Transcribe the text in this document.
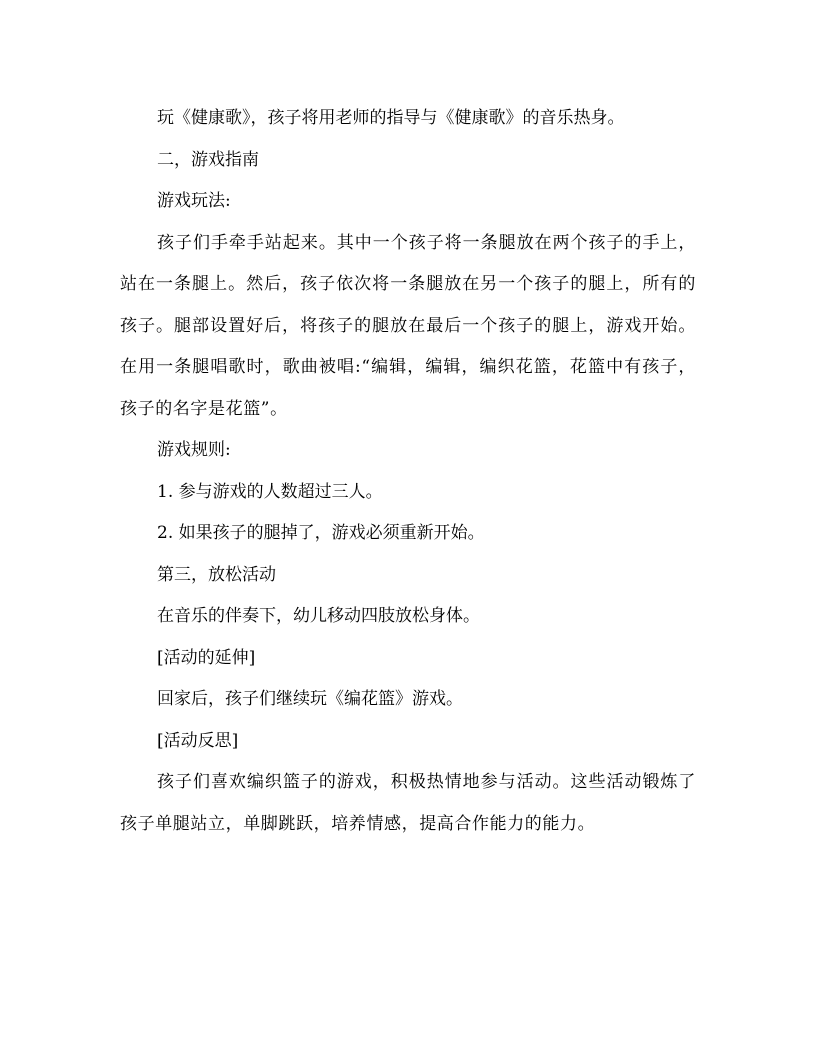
玩《健康歌》，孩子将用老师的指导与《健康歌》的音乐热身。

二，游戏指南

游戏玩法:

孩子们手牵手站起来。其中一个孩子将一条腿放在两个孩子的手上，站在一条腿上。然后，孩子依次将一条腿放在另一个孩子的腿上，所有的孩子。腿部设置好后，将孩子的腿放在最后一个孩子的腿上，游戏开始。在用一条腿唱歌时，歌曲被唱:“编辑，编辑，编织花篮，花篮中有孩子，孩子的名字是花篮”。

游戏规则:

1. 参与游戏的人数超过三人。

2. 如果孩子的腿掉了，游戏必须重新开始。

第三，放松活动

在音乐的伴奏下，幼儿移动四肢放松身体。

[活动的延伸]

回家后，孩子们继续玩《编花篮》游戏。

[活动反思]

孩子们喜欢编织篮子的游戏，积极热情地参与活动。这些活动锻炼了孩子单腿站立，单脚跳跃，培养情感，提高合作能力的能力。
